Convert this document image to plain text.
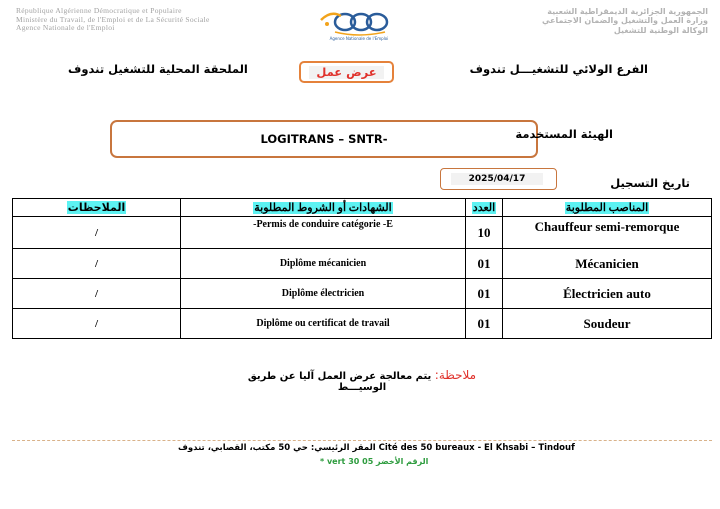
République Algérienne Démocratique et Populaire
Ministère du Travail, de l'Emploi et de La Sécurité Sociale
Agence Nationale de l'Emploi
Agence Nationale de l'Emploi
الجمهورية الجزائرية الديمقراطية الشعبية
وزارة العمل والتشغيل والضمان الاجتماعي
الوكالة الوطنية للتشغيل
الملحقة المحلية للتشغيل تندوف	عرض عمل	الفرع الولائي للتشغيـــل تندوف
LOGITRANS – SNTR-	الهيئة المستخدمة
2025/04/17	تاريخ التسجيل
المناصب المطلوبة	العدد	الشهادات أو الشروط المطلوبة	الملاحظات
Chauffeur semi-remorque	10	Permis de conduire catégorie -E-	/
Mécanicien	01	Diplôme mécanicien	/
Électricien auto	01	Diplôme électricien	/
Soudeur	01	Diplôme ou certificat de travail	/
ملاحظة: يتم معالجة عرض العمل آليا عن طريق الوسيـــط
المقر الرئيسي: حي 50 مكتب، القصابي، تندوف Cité des 50 bureaux - El Khsabi – Tindouf
الرقم الأخضر 05 30 vert *
